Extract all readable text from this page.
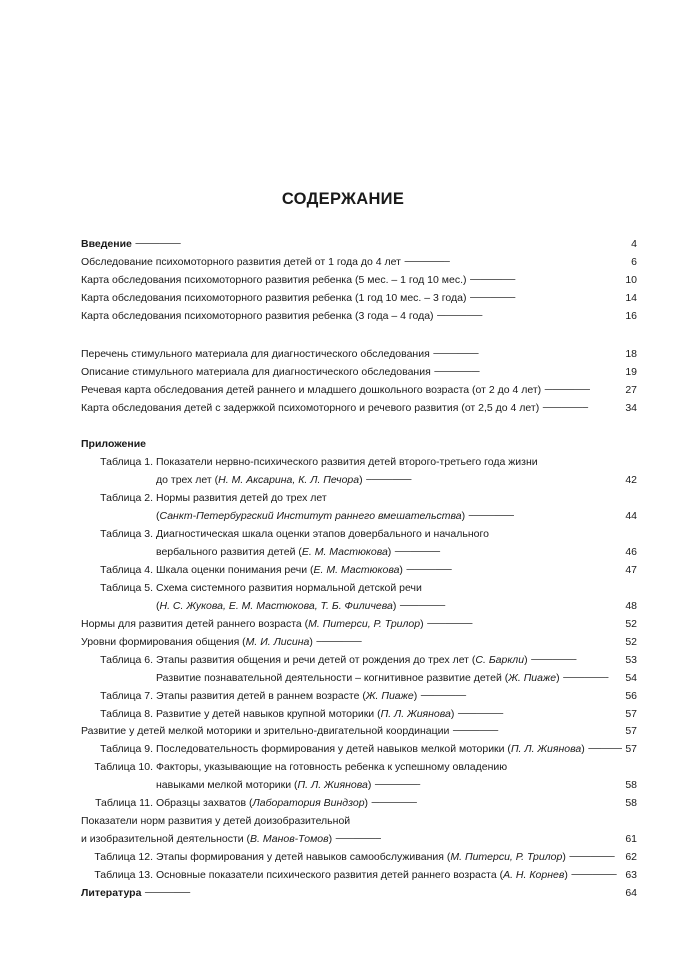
СОДЕРЖАНИЕ
Введение . . .	4
Обследование психомоторного развития детей от 1 года до 4 лет . . .	6
Карта обследования психомоторного развития ребенка (5 мес. – 1 год 10 мес.) . . .	10
Карта обследования психомоторного развития ребенка (1 год 10 мес. – 3 года) . . .	14
Карта обследования психомоторного развития ребенка (3 года – 4 года) . . .	16
Перечень стимульного материала для диагностического обследования . . .	18
Описание стимульного материала для диагностического обследования . . .	19
Речевая карта обследования детей раннего и младшего дошкольного возраста (от 2 до 4 лет) . . .	27
Карта обследования детей с задержкой психомоторного и речевого развития (от 2,5 до 4 лет) . . .	34
Приложение
Таблица 1. Показатели нервно-психического развития детей второго-третьего года жизни
до трех лет (Н. М. Аксарина, К. Л. Печора) . . .	42
Таблица 2. Нормы развития детей до трех лет
(Санкт-Петербургский Институт раннего вмешательства) . . .	44
Таблица 3. Диагностическая шкала оценки этапов довербального и начального
вербального развития детей (Е. М. Мастюкова) . . .	46
Таблица 4. Шкала оценки понимания речи (Е. М. Мастюкова) . . .	47
Таблица 5. Схема системного развития нормальной детской речи
(Н. С. Жукова, Е. М. Мастюкова, Т. Б. Филичева) . . .	48
Нормы для развития детей раннего возраста (М. Питерси, Р. Трилор) . . .	52
Уровни формирования общения (М. И. Лисина) . . .	52
Таблица 6. Этапы развития общения и речи детей от рождения до трех лет (С. Баркли) . . .	53
Развитие познавательной деятельности – когнитивное развитие детей (Ж. Пиаже) . . .	54
Таблица 7. Этапы развития детей в раннем возрасте (Ж. Пиаже) . . .	56
Таблица 8. Развитие у детей навыков крупной моторики (П. Л. Жиянова) . . .	57
Развитие у детей мелкой моторики и зрительно-двигательной координации . . .	57
Таблица 9. Последовательность формирования у детей навыков мелкой моторики (П. Л. Жиянова) . . .	57
Таблица 10. Факторы, указывающие на готовность ребенка к успешному овладению
навыками мелкой моторики (П. Л. Жиянова) . . .	58
Таблица 11. Образцы захватов (Лаборатория Виндзор) . . .	58
Показатели норм развития у детей доизобразительной
и изобразительной деятельности (В. Манов-Томов) . . .	61
Таблица 12. Этапы формирования у детей навыков самообслуживания (М. Питерси, Р. Трилор) . . .	62
Таблица 13. Основные показатели психического развития детей раннего возраста (А. Н. Корнев) . . .	63
Литература . . .	64
